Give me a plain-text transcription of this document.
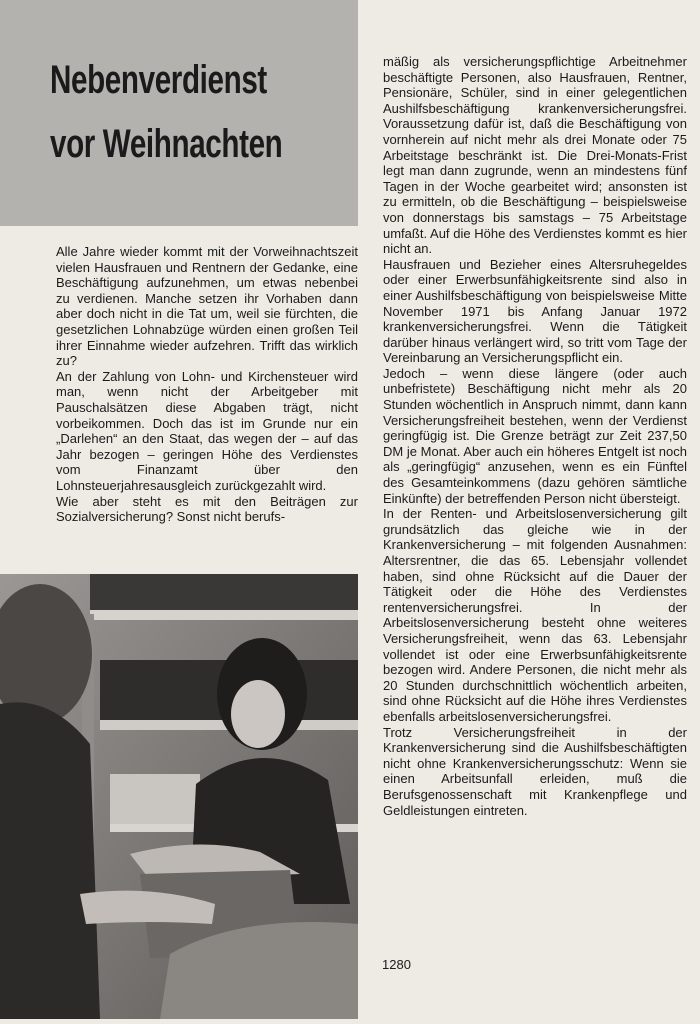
Nebenverdienst
vor Weihnachten

Alle Jahre wieder kommt mit der Vorweihnachtszeit vielen Hausfrauen und Rentnern der Gedanke, eine Beschäftigung aufzunehmen, um etwas nebenbei zu verdienen. Manche setzen ihr Vorhaben dann aber doch nicht in die Tat um, weil sie fürchten, die gesetzlichen Lohnabzüge würden einen großen Teil ihrer Einnahme wieder aufzehren. Trifft das wirklich zu?

An der Zahlung von Lohn- und Kirchensteuer wird man, wenn nicht der Arbeitgeber mit Pauschalsätzen diese Abgaben trägt, nicht vorbeikommen. Doch das ist im Grunde nur ein „Darlehen“ an den Staat, das wegen der – auf das Jahr bezogen – geringen Höhe des Verdienstes vom Finanzamt über den Lohnsteuerjahresausgleich zurückgezahlt wird.

Wie aber steht es mit den Beiträgen zur Sozialversicherung? Sonst nicht berufs-

mäßig als versicherungspflichtige Arbeitnehmer beschäftigte Personen, also Hausfrauen, Rentner, Pensionäre, Schüler, sind in einer gelegentlichen Aushilfsbeschäftigung krankenversicherungsfrei. Voraussetzung dafür ist, daß die Beschäftigung von vornherein auf nicht mehr als drei Monate oder 75 Arbeitstage beschränkt ist. Die Drei-Monats-Frist legt man dann zugrunde, wenn an mindestens fünf Tagen in der Woche gearbeitet wird; ansonsten ist zu ermitteln, ob die Beschäftigung – beispielsweise von donnerstags bis samstags – 75 Arbeitstage umfaßt. Auf die Höhe des Verdienstes kommt es hier nicht an.

Hausfrauen und Bezieher eines Altersruhegeldes oder einer Erwerbsunfähigkeitsrente sind also in einer Aushilfsbeschäftigung von beispielsweise Mitte November 1971 bis Anfang Januar 1972 krankenversicherungsfrei. Wenn die Tätigkeit darüber hinaus verlängert wird, so tritt vom Tage der Vereinbarung an Versicherungspflicht ein.

Jedoch – wenn diese längere (oder auch unbefristete) Beschäftigung nicht mehr als 20 Stunden wöchentlich in Anspruch nimmt, dann kann Versicherungsfreiheit bestehen, wenn der Verdienst geringfügig ist. Die Grenze beträgt zur Zeit 237,50 DM je Monat. Aber auch ein höheres Entgelt ist noch als „geringfügig“ anzusehen, wenn es ein Fünftel des Gesamteinkommens (dazu gehören sämtliche Einkünfte) der betreffenden Person nicht übersteigt.

In der Renten- und Arbeitslosenversicherung gilt grundsätzlich das gleiche wie in der Krankenversicherung – mit folgenden Ausnahmen: Altersrentner, die das 65. Lebensjahr vollendet haben, sind ohne Rücksicht auf die Dauer der Tätigkeit oder die Höhe des Verdienstes rentenversicherungsfrei. In der Arbeitslosenversicherung besteht ohne weiteres Versicherungsfreiheit, wenn das 63. Lebensjahr vollendet ist oder eine Erwerbsunfähigkeitsrente bezogen wird. Andere Personen, die nicht mehr als 20 Stunden durchschnittlich wöchentlich arbeiten, sind ohne Rücksicht auf die Höhe ihres Verdienstes ebenfalls arbeitslosenversicherungsfrei.

Trotz Versicherungsfreiheit in der Krankenversicherung sind die Aushilfsbeschäftigten nicht ohne Krankenversicherungsschutz: Wenn sie einen Arbeitsunfall erleiden, muß die Berufsgenossenschaft mit Krankenpflege und Geldleistungen eintreten.

1280
